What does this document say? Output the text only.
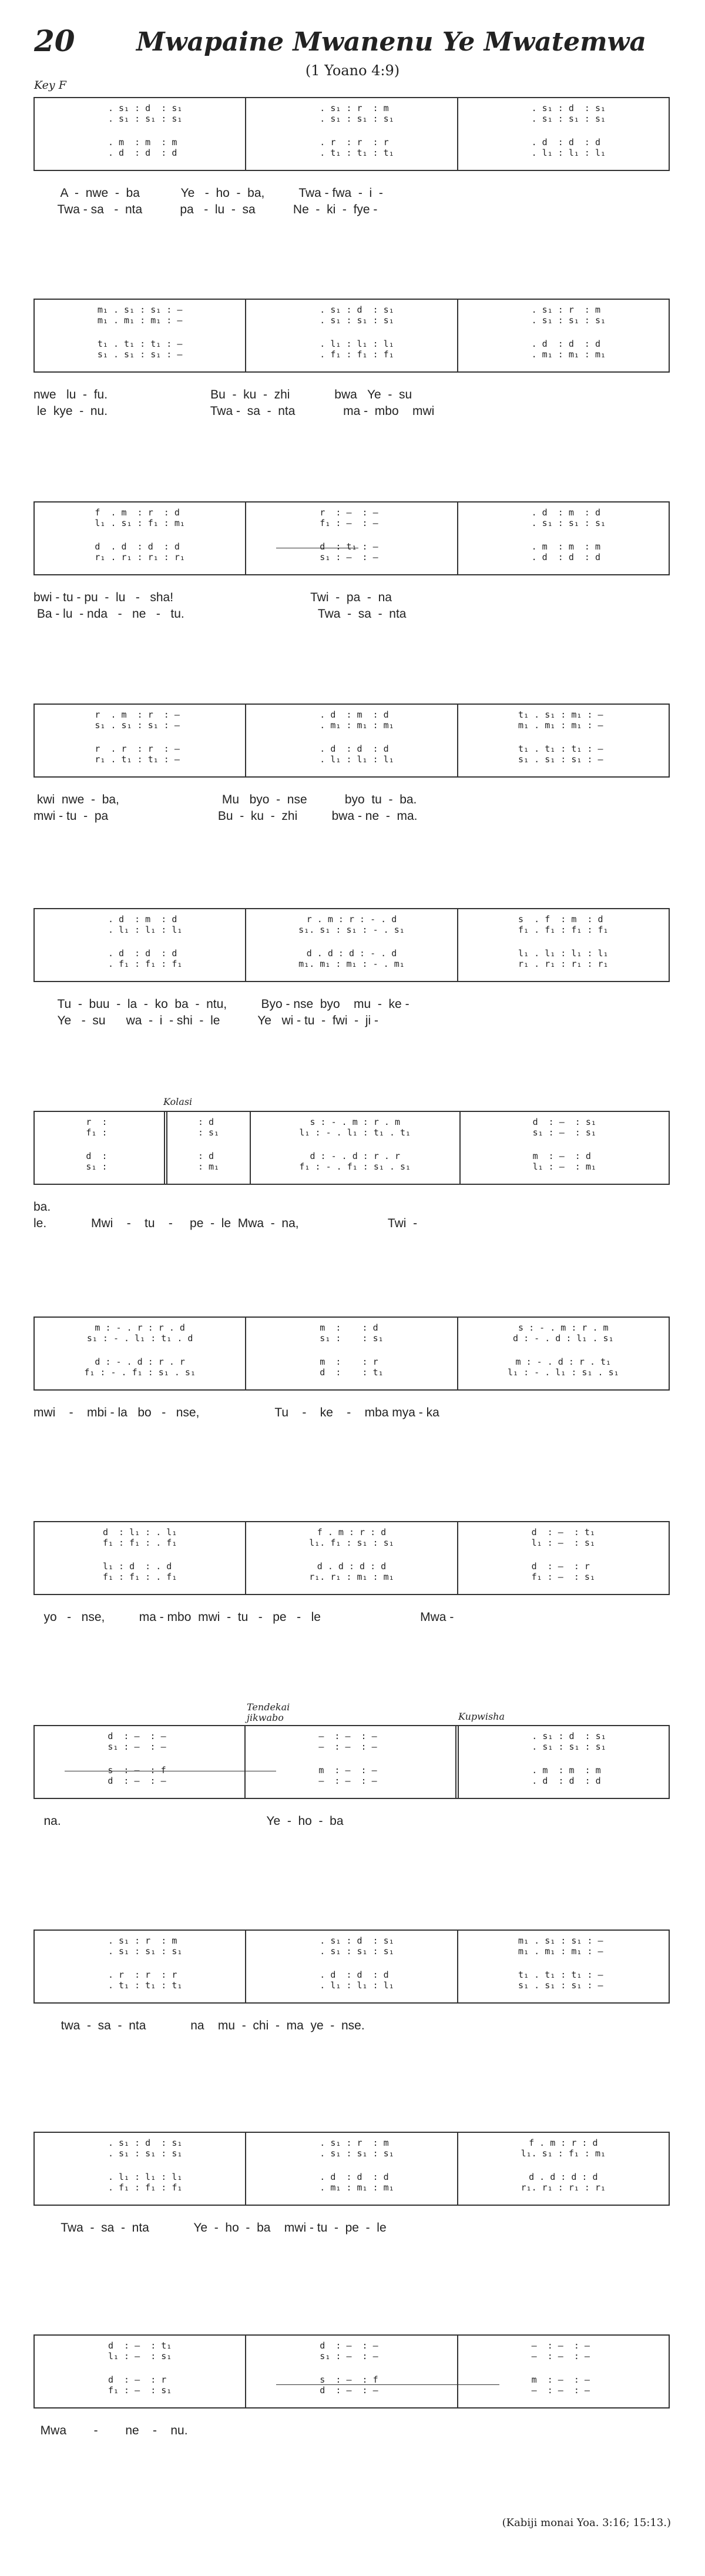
20 Mwapaine Mwanenu Ye Mwatemwa
(1 Yoano 4:9)
Key F
. s₁ : d  : s₁
. s₁ : s₁ : s₁
. m  : m  : m
. d  : d  : d
. s₁ : r  : m
. s₁ : s₁ : s₁
. r  : r  : r
. t₁ : t₁ : t₁
. s₁ : d  : s₁
. s₁ : s₁ : s₁
. d  : d  : d
. l₁ : l₁ : l₁
A  -  nwe  -  ba            Ye   -  ho  -  ba,          Twa - fwa  -  i  -
Twa - sa   -  nta           pa   -  lu  -  sa           Ne  -  ki  -  fye -
m₁ . s₁ : s₁ : —
m₁ . m₁ : m₁ : —
t₁ . t₁ : t₁ : —
s₁ . s₁ : s₁ : —
. s₁ : d  : s₁
. s₁ : s₁ : s₁
. l₁ : l₁ : l₁
. f₁ : f₁ : f₁
. s₁ : r  : m
. s₁ : s₁ : s₁
. d  : d  : d
. m₁ : m₁ : m₁
nwe   lu  -  fu.                              Bu  -  ku  -  zhi             bwa   Ye  -  su
le  kye  -  nu.                              Twa -  sa  -  nta              ma -  mbo    mwi
f  . m  : r  : d
l₁ . s₁ : f₁ : m₁
d  . d  : d  : d
r₁ . r₁ : r₁ : r₁
r  : —  : —
f₁ : —  : —
d  : t₁ : —
s₁ : —  : —
. d  : m  : d
. s₁ : s₁ : s₁
. m  : m  : m
. d  : d  : d
bwi - tu - pu  -  lu   -   sha!                                        Twi  -  pa  -  na
Ba - lu  - nda   -   ne   -   tu.                                       Twa  -  sa  -  nta
r  . m  : r  : —
s₁ . s₁ : s₁ : —
r  . r  : r  : —
r₁ . t₁ : t₁ : —
. d  : m  : d
. m₁ : m₁ : m₁
. d  : d  : d
. l₁ : l₁ : l₁
t₁ . s₁ : m₁ : —
m₁ . m₁ : m₁ : —
t₁ . t₁ : t₁ : —
s₁ . s₁ : s₁ : —
kwi  nwe  -  ba,                              Mu   byo  -  nse           byo  tu  -  ba.
mwi - tu  -  pa                                Bu  -  ku  -  zhi          bwa - ne  -  ma.
. d  : m  : d
. l₁ : l₁ : l₁
. d  : d  : d
. f₁ : f₁ : f₁
r . m : r : - . d
s₁. s₁ : s₁ : - . s₁
d . d : d : - . d
m₁. m₁ : m₁ : - . m₁
s  . f  : m  : d
f₁ . f₁ : f₁ : f₁
l₁ . l₁ : l₁ : l₁
r₁ . r₁ : r₁ : r₁
Tu  -  buu  -  la  -  ko  ba  -  ntu,          Byo - nse  byo    mu  -  ke -
Ye   -  su      wa  -  i  - shi  -  le           Ye   wi - tu  -  fwi  -  ji -
r  :
f₁ :
d  :
s₁ :
: d
: s₁
: d
: m₁
s : - . m : r . m
l₁ : - . l₁ : t₁ . t₁
d : - . d : r . r
f₁ : - . f₁ : s₁ . s₁
d  : —  : s₁
s₁ : —  : s₁
m  : —  : d
l₁ : —  : m₁
ba.
le.             Mwi    -    tu    -     pe  -  le  Mwa  -  na,                          Twi  -
m : - . r : r . d
s₁ : - . l₁ : t₁ . d
d : - . d : r . r
f₁ : - . f₁ : s₁ . s₁
m  :    : d
s₁ :    : s₁
m  :    : r
d  :    : t₁
s : - . m : r . m
d : - . d : l₁ . s₁
m : - . d : r . t₁
l₁ : - . l₁ : s₁ . s₁
mwi    -    mbi - la   bo   -   nse,                      Tu    -    ke    -    mba mya - ka
d  : l₁ : . l₁
f₁ : f₁ : . f₁
l₁ : d  : . d
f₁ : f₁ : . f₁
f . m : r : d
l₁. f₁ : s₁ : s₁
d . d : d : d
r₁. r₁ : m₁ : m₁
d  : —  : t₁
l₁ : —  : s₁
d  : —  : r
f₁ : —  : s₁
yo   -   nse,          ma - mbo  mwi  -  tu   -   pe   -   le                             Mwa -
d  : —  : —
s₁ : —  : —
s  : —  : f
d  : —  : —
—  : —  : —
—  : —  : —
m  : —  : —
—  : —  : —
. s₁ : d  : s₁
. s₁ : s₁ : s₁
. m  : m  : m
. d  : d  : d
na.                                                            Ye  -  ho  -  ba
. s₁ : r  : m
. s₁ : s₁ : s₁
. r  : r  : r
. t₁ : t₁ : t₁
. s₁ : d  : s₁
. s₁ : s₁ : s₁
. d  : d  : d
. l₁ : l₁ : l₁
m₁ . s₁ : s₁ : —
m₁ . m₁ : m₁ : —
t₁ . t₁ : t₁ : —
s₁ . s₁ : s₁ : —
twa  -  sa  -  nta             na    mu  -  chi  -  ma  ye  -  nse.
. s₁ : d  : s₁
. s₁ : s₁ : s₁
. l₁ : l₁ : l₁
. f₁ : f₁ : f₁
. s₁ : r  : m
. s₁ : s₁ : s₁
. d  : d  : d
. m₁ : m₁ : m₁
f . m : r : d
l₁. s₁ : f₁ : m₁
d . d : d : d
r₁. r₁ : r₁ : r₁
Twa  -  sa  -  nta             Ye  -  ho  -  ba    mwi - tu  -  pe  -  le
d  : —  : t₁
l₁ : —  : s₁
d  : —  : r
f₁ : —  : s₁
d  : —  : —
s₁ : —  : —
s  : —  : f
d  : —  : —
—  : —  : —
—  : —  : —
m  : —  : —
—  : —  : —
Mwa        -        ne    -    nu.
(Kabiji monai Yoa. 3:16; 15:13.)
Kolasi
Tendekai
jikwabo	Kupwisha
